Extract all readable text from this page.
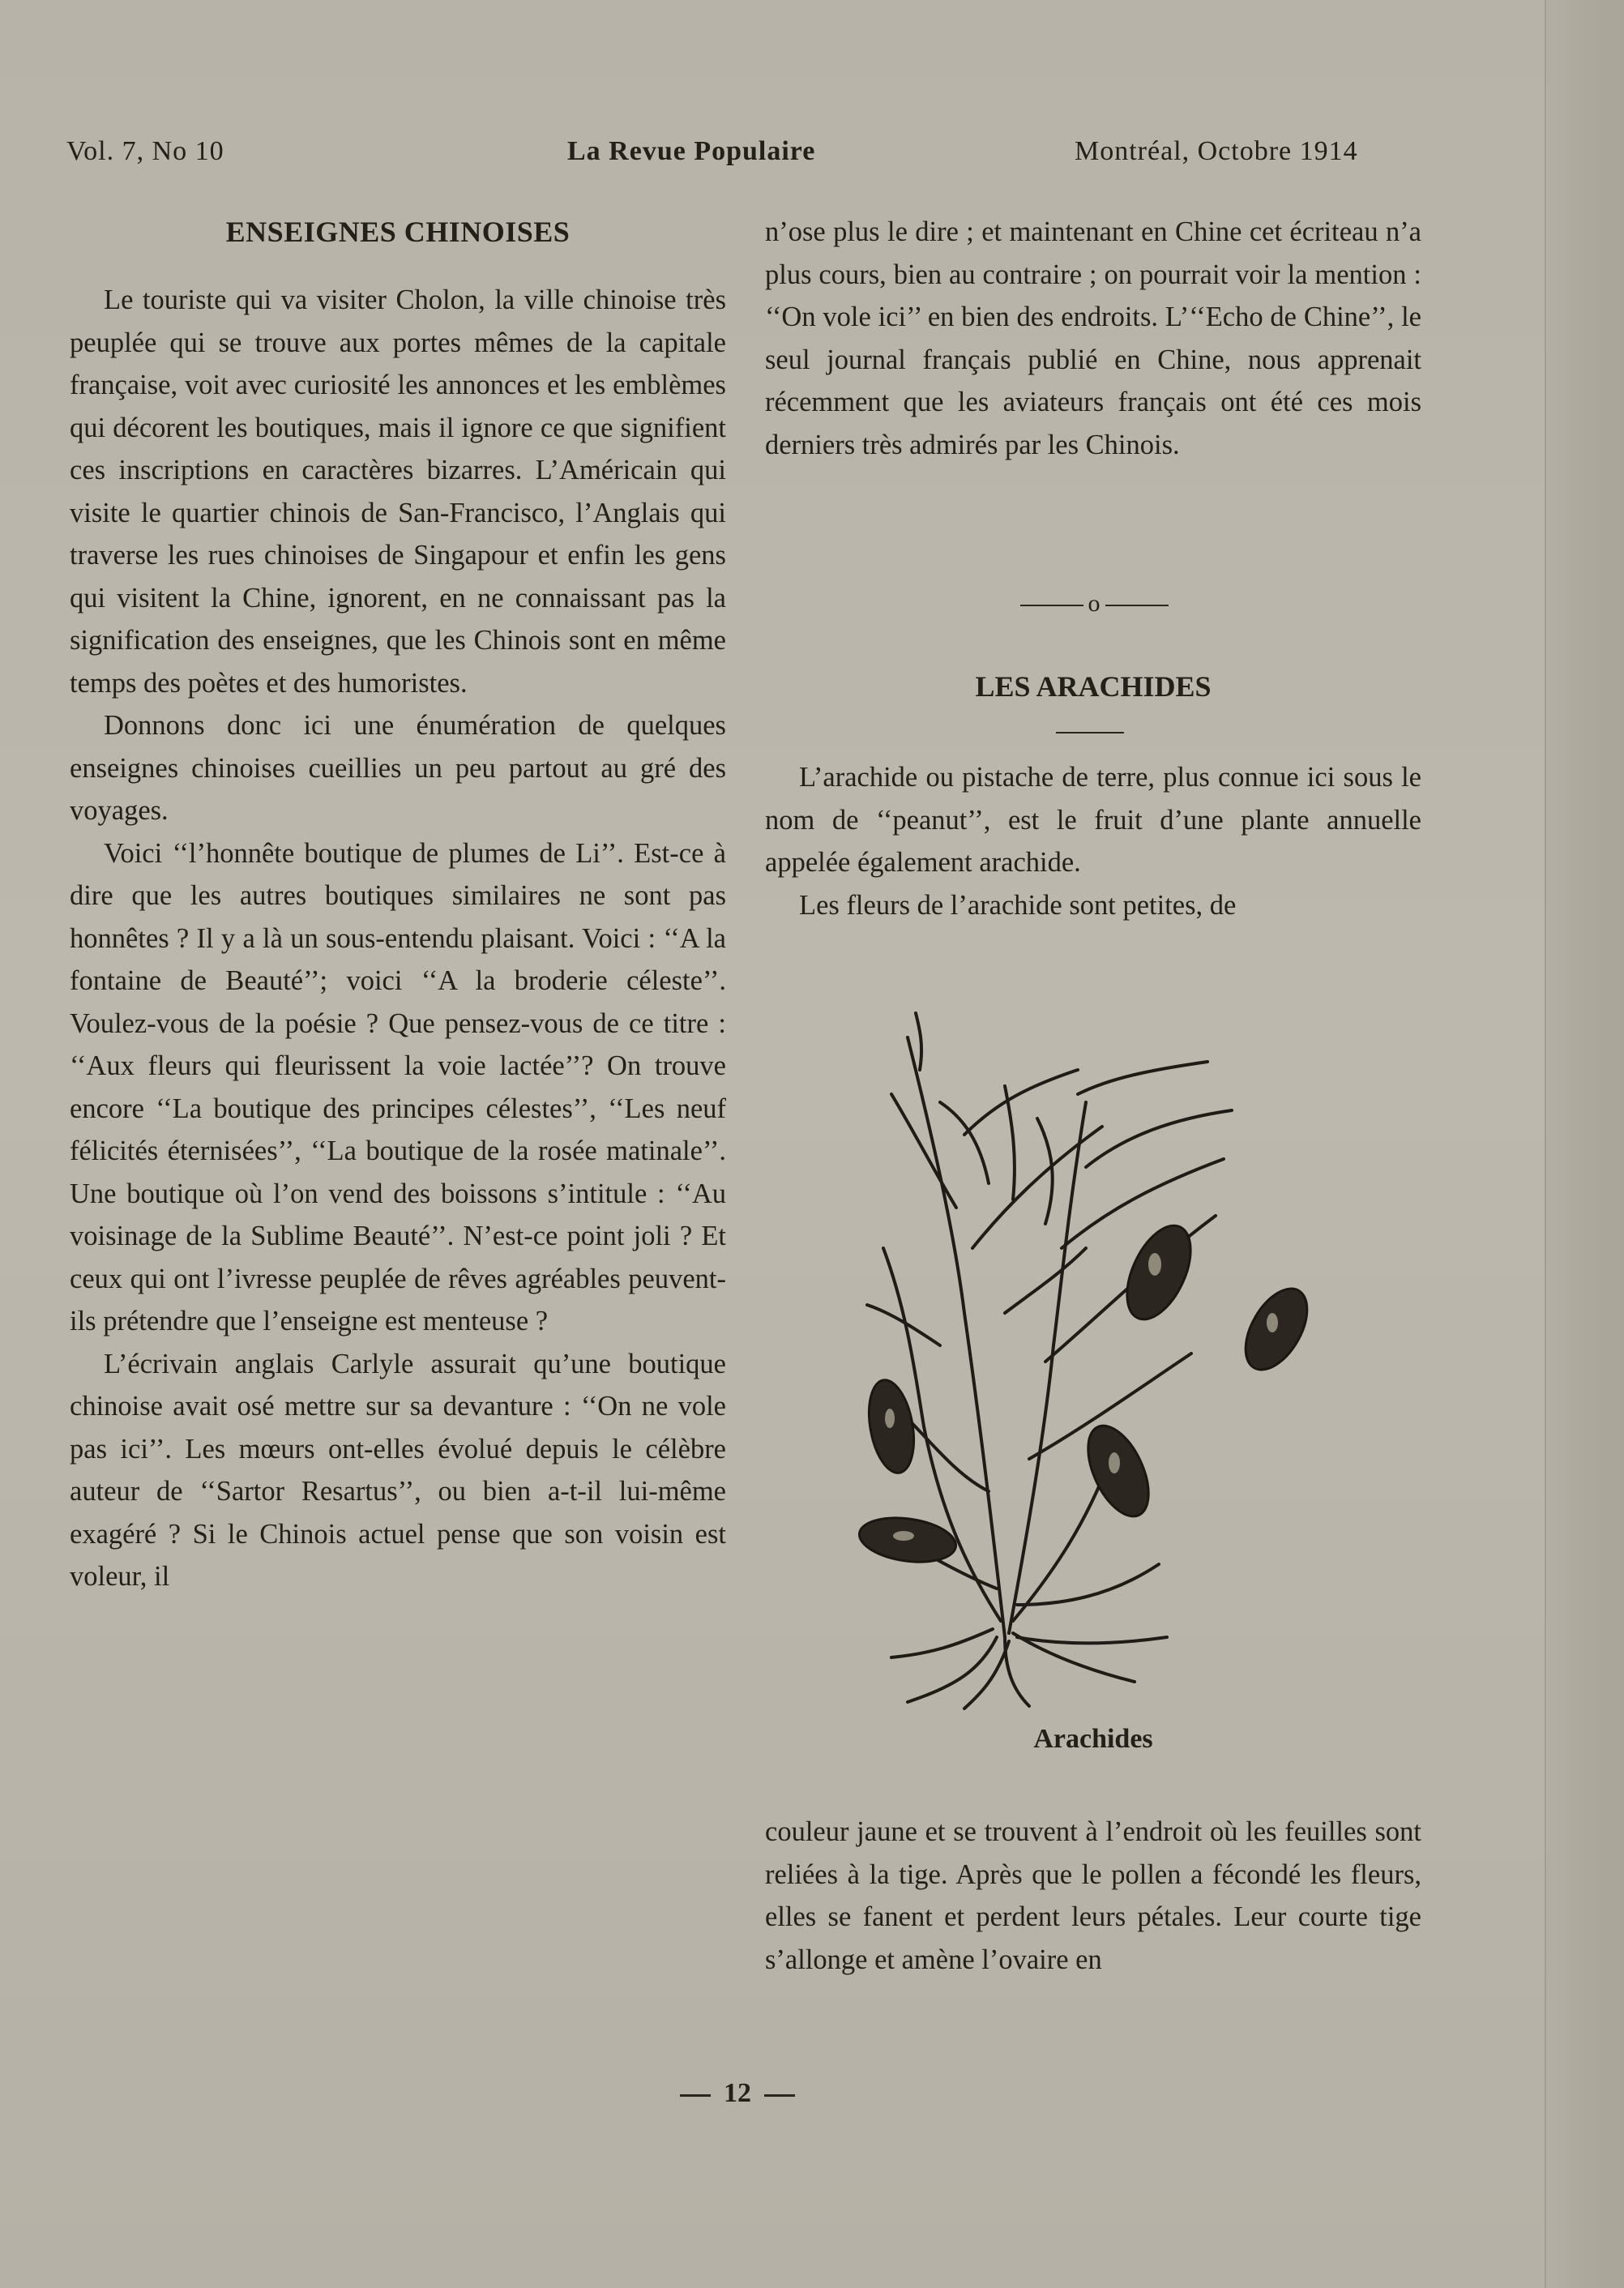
Vol. 7, No 10	La Revue Populaire	Montréal, Octobre 1914

ENSEIGNES CHINOISES

Le touriste qui va visiter Cholon, la ville chinoise très peuplée qui se trouve aux portes mêmes de la capitale française, voit avec curiosité les annonces et les emblèmes qui décorent les boutiques, mais il ignore ce que signifient ces inscriptions en caractères bizarres. L’Américain qui visite le quartier chinois de San-Francisco, l’Anglais qui traverse les rues chinoises de Singapour et enfin les gens qui visitent la Chine, ignorent, en ne connaissant pas la signification des enseignes, que les Chinois sont en même temps des poètes et des humoristes.

Donnons donc ici une énumération de quelques enseignes chinoises cueillies un peu partout au gré des voyages.

Voici ‘‘l’honnête boutique de plumes de Li’’. Est-ce à dire que les autres boutiques similaires ne sont pas honnêtes ? Il y a là un sous-entendu plaisant. Voici : ‘‘A la fontaine de Beauté’’; voici ‘‘A la broderie céleste’’. Voulez-vous de la poésie ? Que pensez-vous de ce titre : ‘‘Aux fleurs qui fleurissent la voie lactée’’? On trouve encore ‘‘La boutique des principes célestes’’, ‘‘Les neuf félicités éternisées’’, ‘‘La boutique de la rosée matinale’’. Une boutique où l’on vend des boissons s’intitule : ‘‘Au voisinage de la Sublime Beauté’’. N’est-ce point joli ? Et ceux qui ont l’ivresse peuplée de rêves agréables peuvent-ils prétendre que l’enseigne est menteuse ?

L’écrivain anglais Carlyle assurait qu’une boutique chinoise avait osé mettre sur sa devanture : ‘‘On ne vole pas ici’’. Les mœurs ont-elles évolué depuis le célèbre auteur de ‘‘Sartor Resartus’’, ou bien a-t-il lui-même exagéré ? Si le Chinois actuel pense que son voisin est voleur, il

n’ose plus le dire ; et maintenant en Chine cet écriteau n’a plus cours, bien au contraire ; on pourrait voir la mention : ‘‘On vole ici’’ en bien des endroits. L’‘‘Echo de Chine’’, le seul journal français publié en Chine, nous apprenait récemment que les aviateurs français ont été ces mois derniers très admirés par les Chinois.

o
LES ARACHIDES

L’arachide ou pistache de terre, plus connue ici sous le nom de ‘‘peanut’’, est le fruit d’une plante annuelle appelée également arachide.

Les fleurs de l’arachide sont petites, de

Arachides

couleur jaune et se trouvent à l’endroit où les feuilles sont reliées à la tige. Après que le pollen a fécondé les fleurs, elles se fanent et perdent leurs pétales. Leur courte tige s’allonge et amène l’ovaire en

12
